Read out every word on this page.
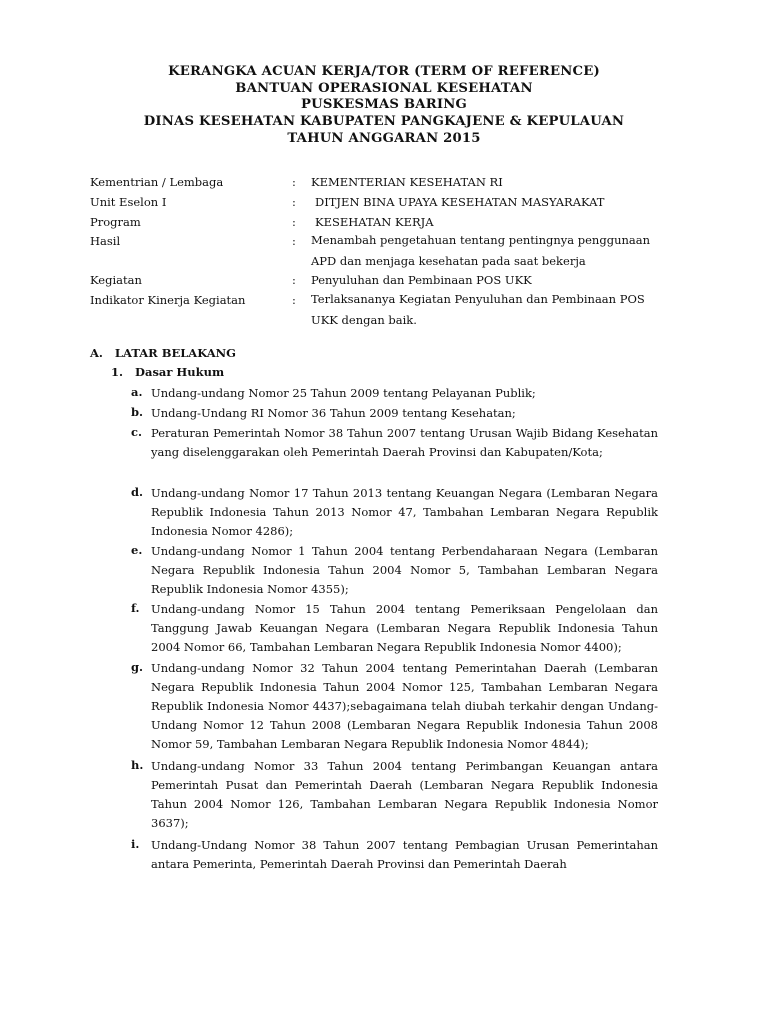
KERANGKA ACUAN KERJA/TOR (TERM OF REFERENCE)
BANTUAN OPERASIONAL KESEHATAN
PUSKESMAS BARING
DINAS KESEHATAN KABUPATEN PANGKAJENE & KEPULAUAN
TAHUN ANGGARAN 2015
Kementrian / Lembaga	: KEMENTERIAN KESEHATAN RI
Unit Eselon I	: DITJEN BINA UPAYA KESEHATAN MASYARAKAT
Program	: KESEHATAN KERJA
Hasil	: Menambah pengetahuan tentang pentingnya penggunaan APD dan menjaga kesehatan pada saat bekerja
Kegiatan	: Penyuluhan dan Pembinaan POS UKK
Indikator Kinerja Kegiatan	: Terlaksananya Kegiatan Penyuluhan dan Pembinaan POS UKK dengan baik.
A.   LATAR BELAKANG
1.   Dasar Hukum
a. Undang-undang Nomor 25 Tahun 2009 tentang Pelayanan Publik;
b. Undang-Undang RI Nomor 36 Tahun 2009 tentang Kesehatan;
c. Peraturan Pemerintah Nomor 38 Tahun 2007 tentang Urusan Wajib Bidang Kesehatan yang diselenggarakan oleh Pemerintah Daerah Provinsi dan Kabupaten/Kota;
d. Undang-undang Nomor 17 Tahun 2013 tentang Keuangan Negara (Lembaran Negara Republik Indonesia Tahun 2013 Nomor 47, Tambahan Lembaran Negara Republik Indonesia Nomor 4286);
e. Undang-undang Nomor 1 Tahun 2004 tentang Perbendaharaan Negara (Lembaran Negara Republik Indonesia Tahun 2004 Nomor 5, Tambahan Lembaran Negara Republik Indonesia Nomor 4355);
f. Undang-undang Nomor 15 Tahun 2004 tentang Pemeriksaan Pengelolaan dan Tanggung Jawab Keuangan Negara (Lembaran Negara Republik Indonesia Tahun 2004 Nomor 66, Tambahan Lembaran Negara Republik Indonesia Nomor 4400);
g. Undang-undang Nomor 32 Tahun 2004 tentang Pemerintahan Daerah (Lembaran Negara Republik Indonesia Tahun 2004 Nomor 125, Tambahan Lembaran Negara Republik Indonesia Nomor 4437);sebagaimana telah diubah terkahir dengan Undang-Undang Nomor 12 Tahun 2008 (Lembaran Negara Republik Indonesia Tahun 2008 Nomor 59, Tambahan Lembaran Negara Republik Indonesia Nomor 4844);
h. Undang-undang Nomor 33 Tahun 2004 tentang Perimbangan Keuangan antara Pemerintah Pusat dan Pemerintah Daerah (Lembaran Negara Republik Indonesia Tahun 2004 Nomor 126, Tambahan Lembaran Negara Republik Indonesia Nomor 3637);
i. Undang-Undang Nomor 38 Tahun 2007 tentang Pembagian Urusan Pemerintahan antara Pemerinta, Pemerintah Daerah Provinsi dan Pemerintah Daerah
